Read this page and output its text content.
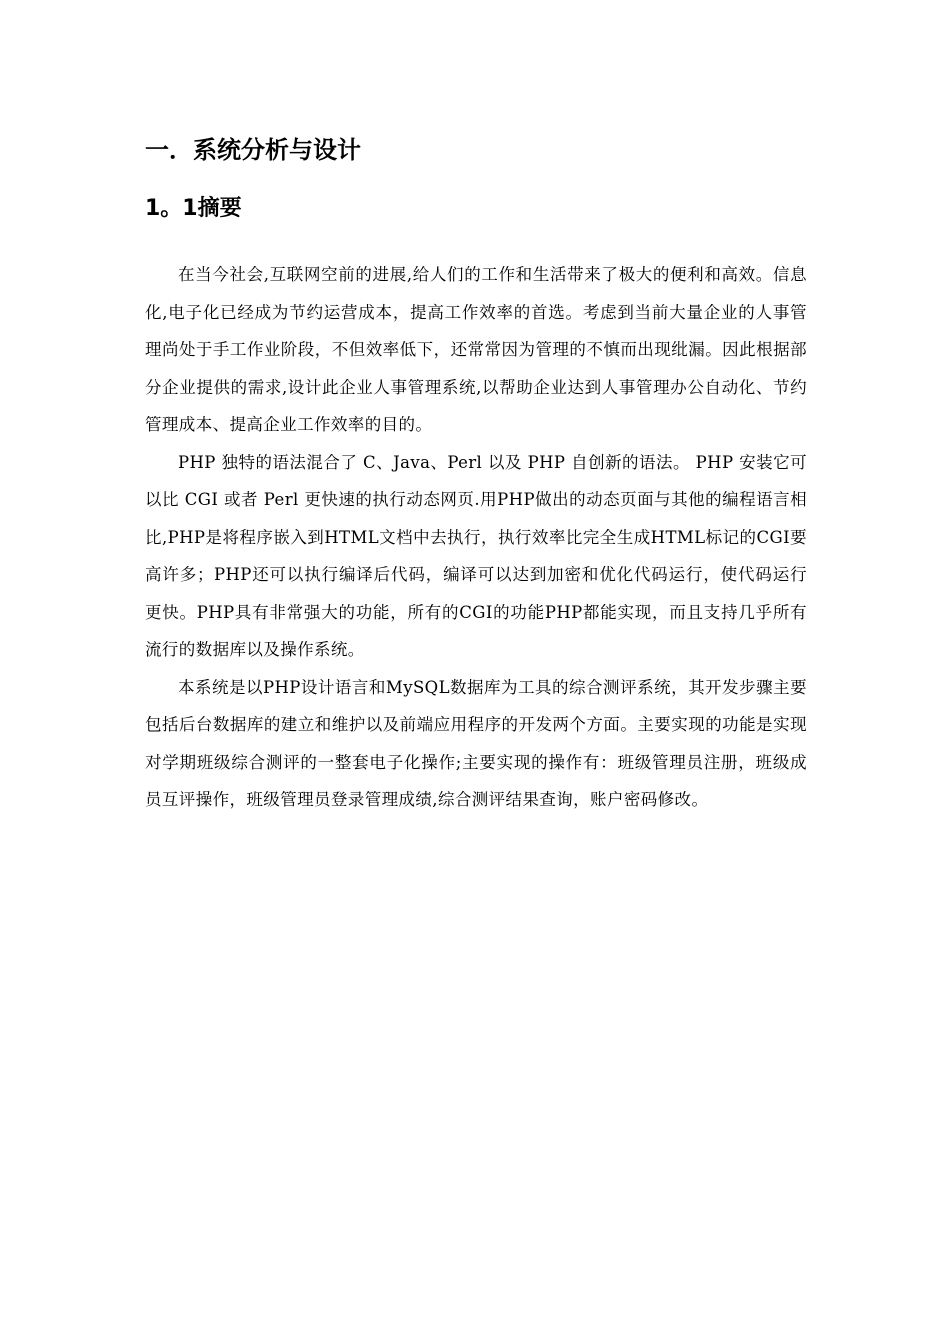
一．系统分析与设计
1。1摘要

在当今社会,互联网空前的进展,给人们的工作和生活带来了极大的便利和高效。信息化,电子化已经成为节约运营成本，提高工作效率的首选。考虑到当前大量企业的人事管理尚处于手工作业阶段，不但效率低下，还常常因为管理的不慎而出现纰漏。因此根据部分企业提供的需求,设计此企业人事管理系统,以帮助企业达到人事管理办公自动化、节约管理成本、提高企业工作效率的目的。

PHP 独特的语法混合了 C、Java、Perl 以及 PHP 自创新的语法。 PHP 安装它可以比 CGI 或者 Perl 更快速的执行动态网页.用PHP做出的动态页面与其他的编程语言相比,PHP是将程序嵌入到HTML文档中去执行，执行效率比完全生成HTML标记的CGI要高许多；PHP还可以执行编译后代码，编译可以达到加密和优化代码运行，使代码运行更快。PHP具有非常强大的功能，所有的CGI的功能PHP都能实现，而且支持几乎所有流行的数据库以及操作系统。

本系统是以PHP设计语言和MySQL数据库为工具的综合测评系统，其开发步骤主要包括后台数据库的建立和维护以及前端应用程序的开发两个方面。主要实现的功能是实现对学期班级综合测评的一整套电子化操作;主要实现的操作有：班级管理员注册，班级成员互评操作，班级管理员登录管理成绩,综合测评结果查询，账户密码修改。
